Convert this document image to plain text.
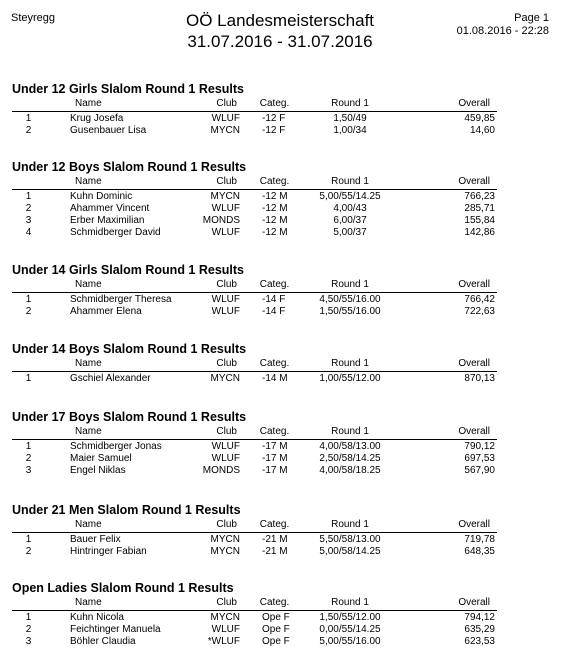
Steyregg	OÖ Landesmeisterschaft
31.07.2016 - 31.07.2016
Page 1
01.08.2016 - 22:28
Under 12 Girls Slalom Round 1 Results
Name	Club	Categ.	Round 1	Overall
1	Krug Josefa	WLUF -12 F	1,50/49	459,85
2	Gusenbauer Lisa	MYCN -12 F	1,00/34	14,60
Under 12 Boys Slalom Round 1 Results
Name	Club	Categ.	Round 1	Overall
1	Kuhn Dominic	MYCN -12 M	5,00/55/14.25	766,23
2	Ahammer Vincent	WLUF -12 M	4,00/43	285,71
3	Erber Maximilian	MONDS -12 M	6,00/37	155,84
4	Schmidberger David	WLUF -12 M	5,00/37	142,86
Under 14 Girls Slalom Round 1 Results
Name	Club	Categ.	Round 1	Overall
1	Schmidberger Theresa	WLUF -14 F	4,50/55/16.00	766,42
2	Ahammer Elena	WLUF -14 F	1,50/55/16.00	722,63
Under 14 Boys Slalom Round 1 Results
Name	Club	Categ.	Round 1	Overall
1	Gschiel Alexander	MYCN -14 M	1,00/55/12.00	870,13
Under 17 Boys Slalom Round 1 Results
Name	Club	Categ.	Round 1	Overall
1	Schmidberger Jonas	WLUF -17 M	4,00/58/13.00	790,12
2	Maier Samuel	WLUF -17 M	2,50/58/14.25	697,53
3	Engel Niklas	MONDS -17 M	4,00/58/18.25	567,90
Under 21 Men Slalom Round 1 Results
Name	Club	Categ.	Round 1	Overall
1	Bauer Felix	MYCN -21 M	5,50/58/13.00	719,78
2	Hintringer Fabian	MYCN -21 M	5,00/58/14.25	648,35
Open Ladies Slalom Round 1 Results
Name	Club	Categ.	Round 1	Overall
1	Kuhn Nicola	MYCN Ope F	1,50/55/12.00	794,12
2	Feichtinger Manuela	WLUF Ope F	0,00/55/14.25	635,29
3	Böhler Claudia	*WLUF Ope F	5,00/55/16.00	623,53
